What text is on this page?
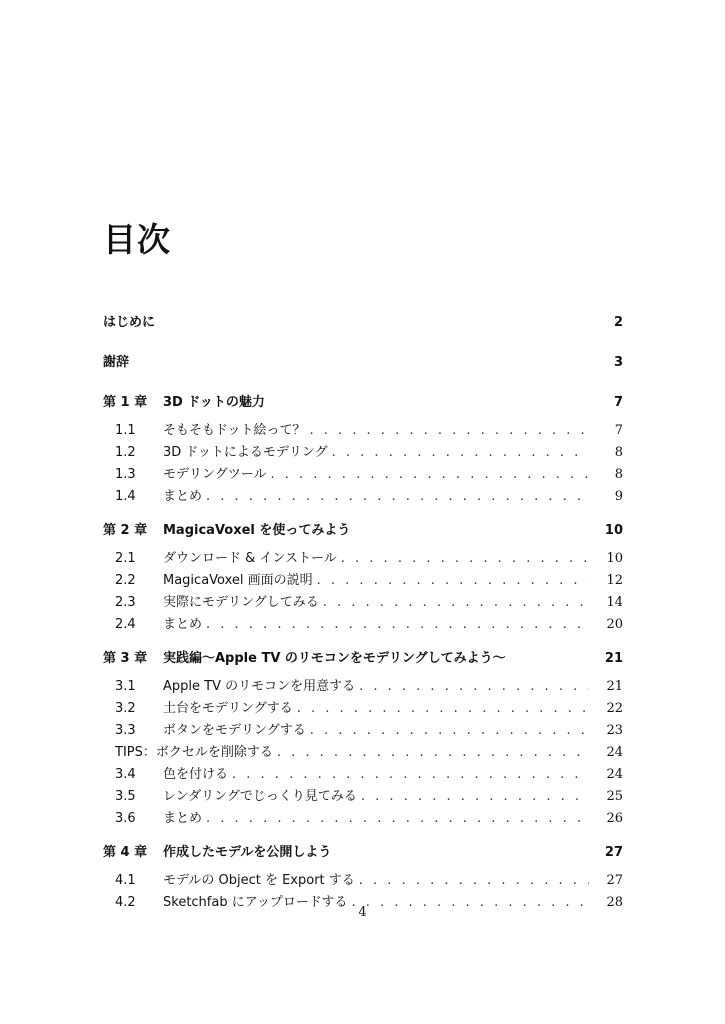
目次
はじめに	2
謝辞	3
第 1 章 3D ドットの魅力	7
1.1	そもそもドット絵って？ . . .	7
1.2	3D ドットによるモデリング . . .	8
1.3	モデリングツール . . .	8
1.4	まとめ . . .	9
第 2 章 MagicaVoxel を使ってみよう	10
2.1	ダウンロード & インストール . . .	10
2.2	MagicaVoxel 画面の説明 . . .	12
2.3	実際にモデリングしてみる . . .	14
2.4	まとめ . . .	20
第 3 章 実践編〜Apple TV のリモコンをモデリングしてみよう〜	21
3.1	Apple TV のリモコンを用意する . . .	21
3.2	土台をモデリングする . . .	22
3.3	ボタンをモデリングする . . .	23
TIPS：ボクセルを削除する . . .	24
3.4	色を付ける . . .	24
3.5	レンダリングでじっくり見てみる . . .	25
3.6	まとめ . . .	26
第 4 章 作成したモデルを公開しよう	27
4.1	モデルの Object を Export する . . .	27
4.2	Sketchfab にアップロードする . . .	28
4
